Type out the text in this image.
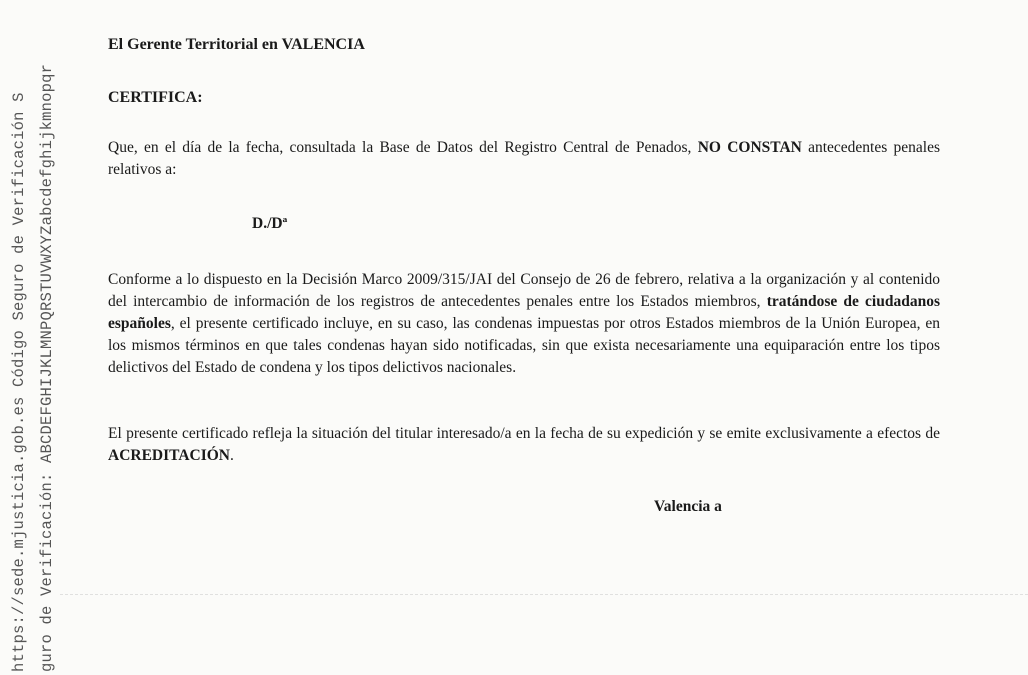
https://sede.mjusticia.gob.es Código Seguro de Verificación S guro de Verificación: ABCDEFGHIJKLMNPQRSTUVWXYZabcdefghijkmnopqr
El Gerente Territorial en VALENCIA
CERTIFICA:
Que, en el día de la fecha, consultada la Base de Datos del Registro Central de Penados, NO CONSTAN antecedentes penales relativos a:
D./Dª
Conforme a lo dispuesto en la Decisión Marco 2009/315/JAI del Consejo de 26 de febrero, relativa a la organización y al contenido del intercambio de información de los registros de antecedentes penales entre los Estados miembros, tratándose de ciudadanos españoles, el presente certificado incluye, en su caso, las condenas impuestas por otros Estados miembros de la Unión Europea, en los mismos términos en que tales condenas hayan sido notificadas, sin que exista necesariamente una equiparación entre los tipos delictivos del Estado de condena y los tipos delictivos nacionales.
El presente certificado refleja la situación del titular interesado/a en la fecha de su expedición y se emite exclusivamente a efectos de ACREDITACIÓN.
Valencia a
